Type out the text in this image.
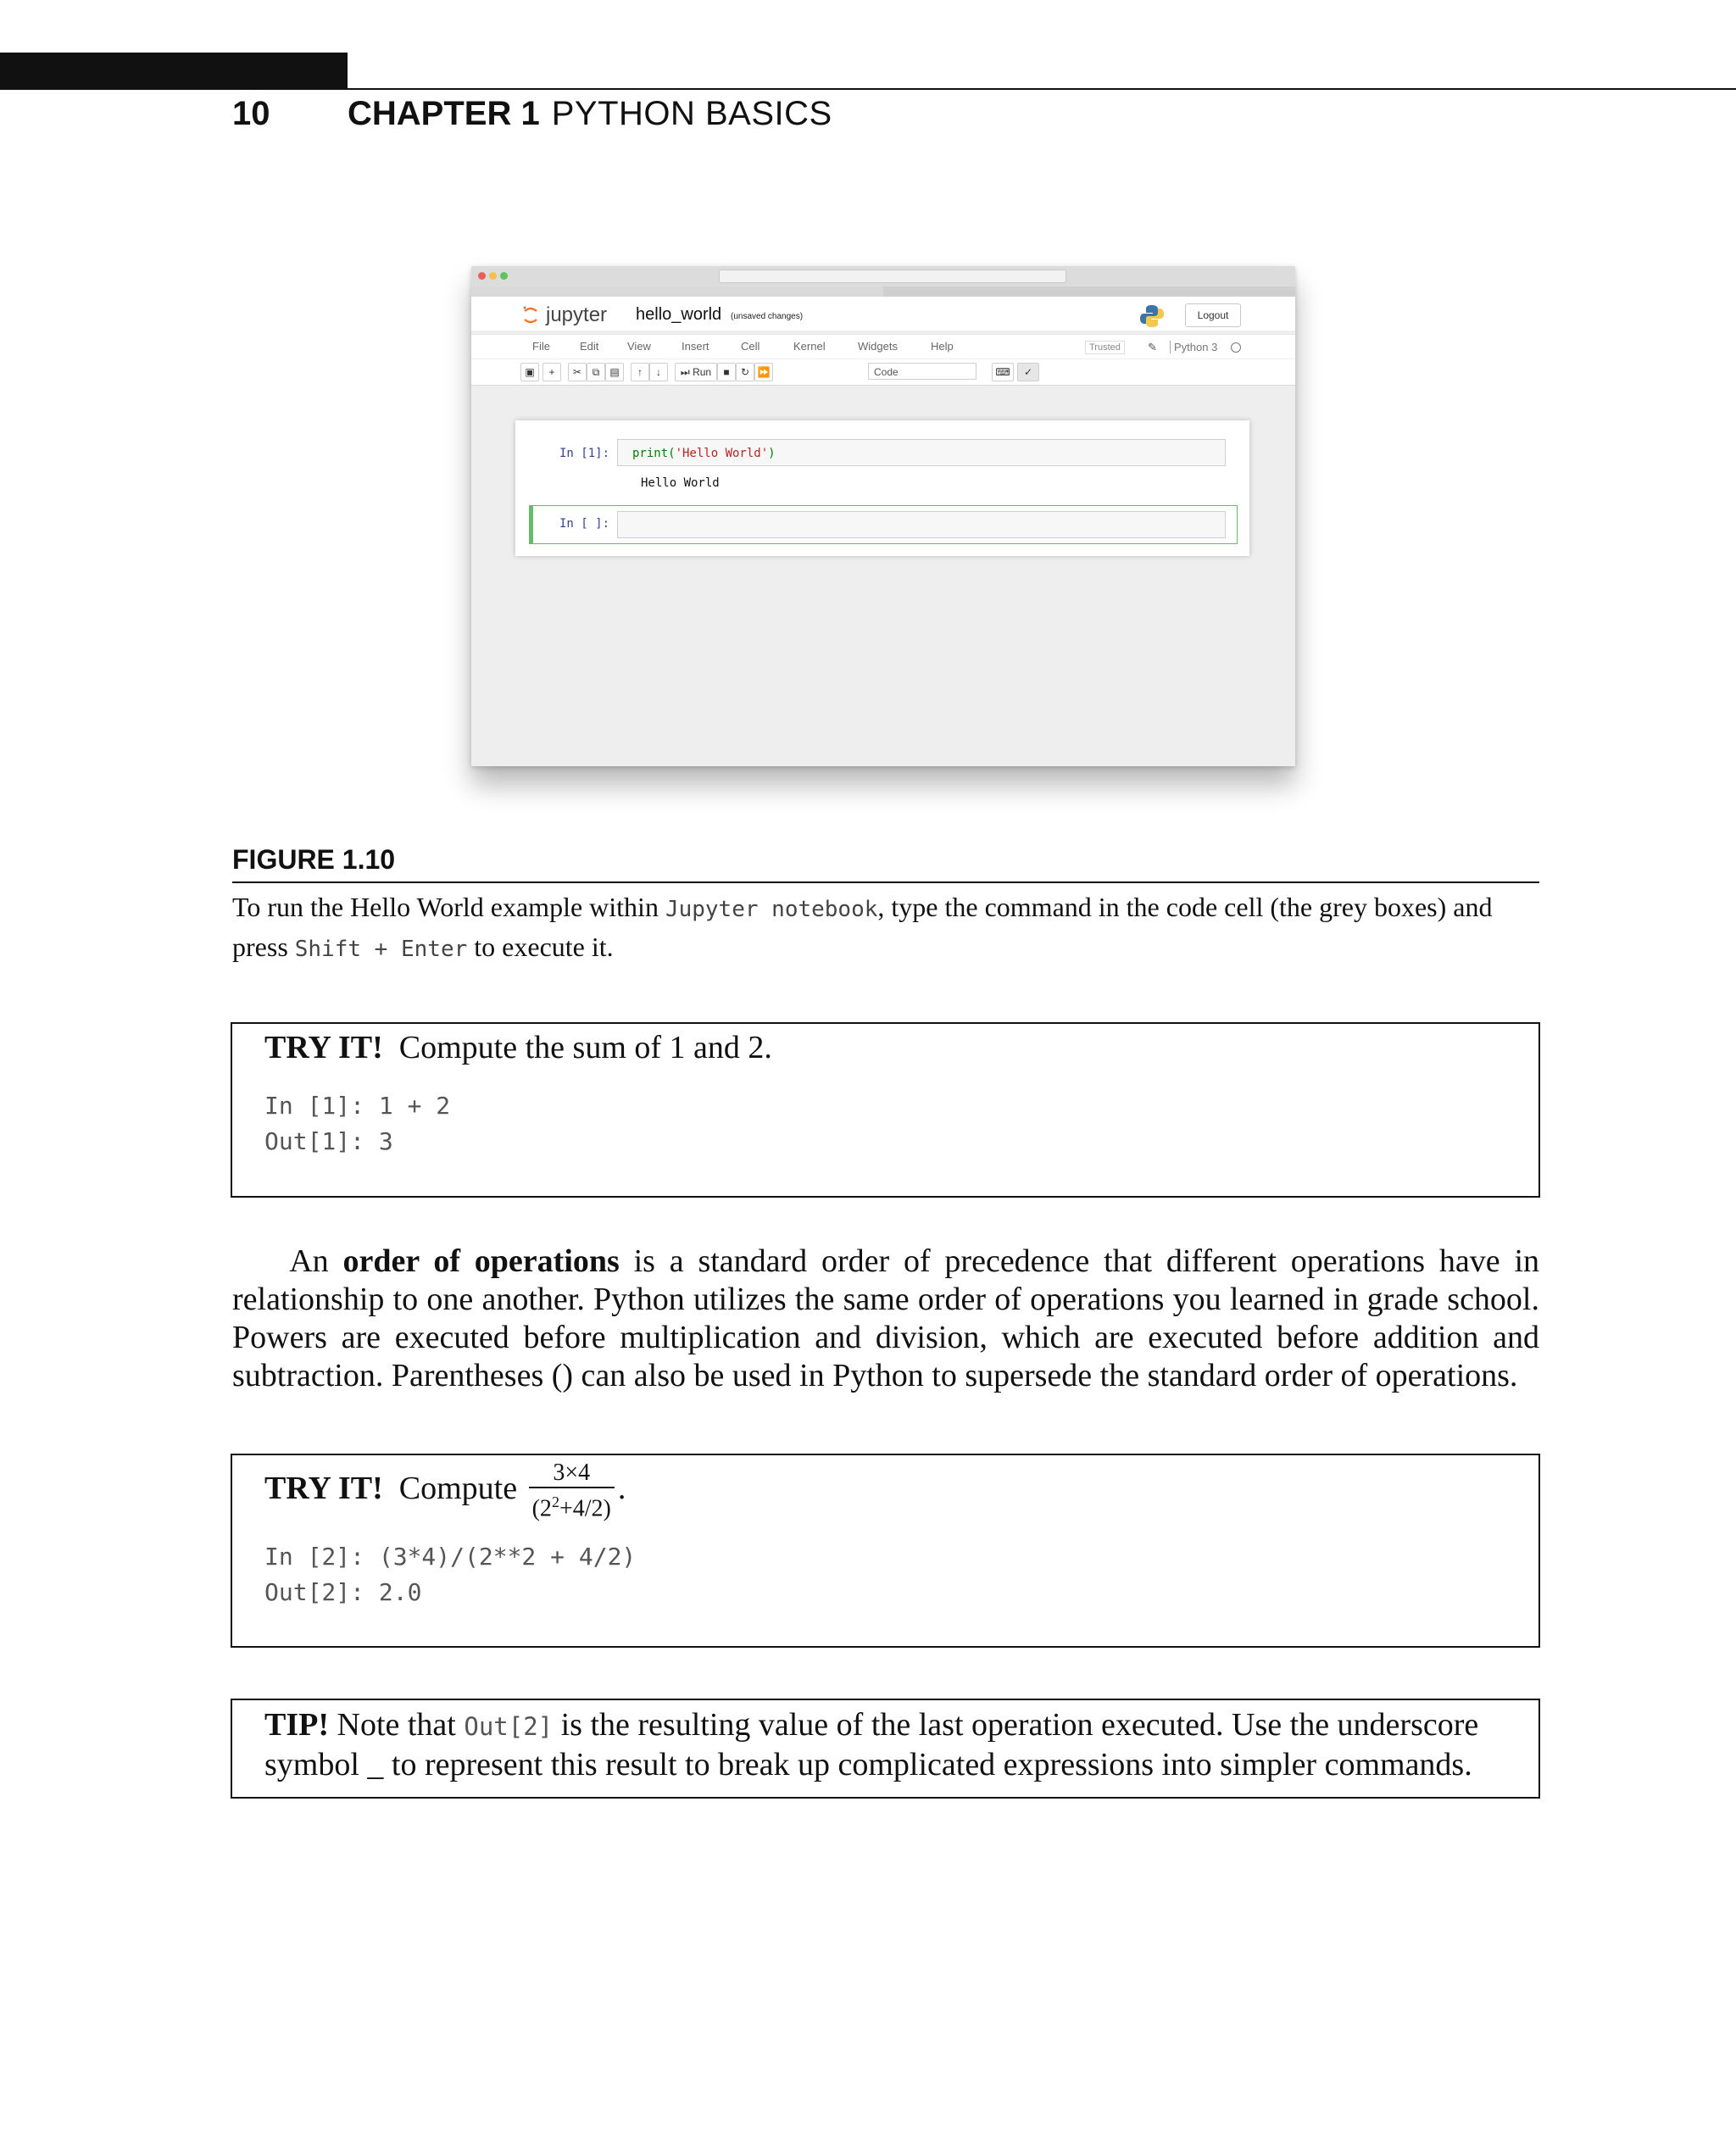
10 CHAPTER 1 PYTHON BASICS
jupyter hello_world (unsaved changes)	Logout
File	Edit	View	Insert	Cell	Kernel	Widgets	Help	Trusted	✎	Python 3
▣	+	✂	⧉	▤	↑	↓	⏭ Run	■	↻ ⏩	Code	⌨	✓
In [1]: print('Hello World')
Hello World
In [ ]:
FIGURE 1.10
To run the Hello World example within Jupyter notebook, type the command in the code cell (the grey boxes) and press Shift + Enter to execute it.
TRY IT! Compute the sum of 1 and 2.
In [1]: 1 + 2
Out[1]: 3
An order of operations is a standard order of precedence that different operations have in relationship to one another. Python utilizes the same order of operations you learned in grade school. Powers are executed before multiplication and division, which are executed before addition and subtraction. Parentheses () can also be used in Python to supersede the standard order of operations.
TRY IT! Compute $\frac{3\times 4}{(2^2+4/2)}$ .
In [2]: (3*4)/(2**2 + 4/2)
Out[2]: 2.0
TIP! Note that Out[2] is the resulting value of the last operation executed. Use the underscore symbol _ to represent this result to break up complicated expressions into simpler commands.
